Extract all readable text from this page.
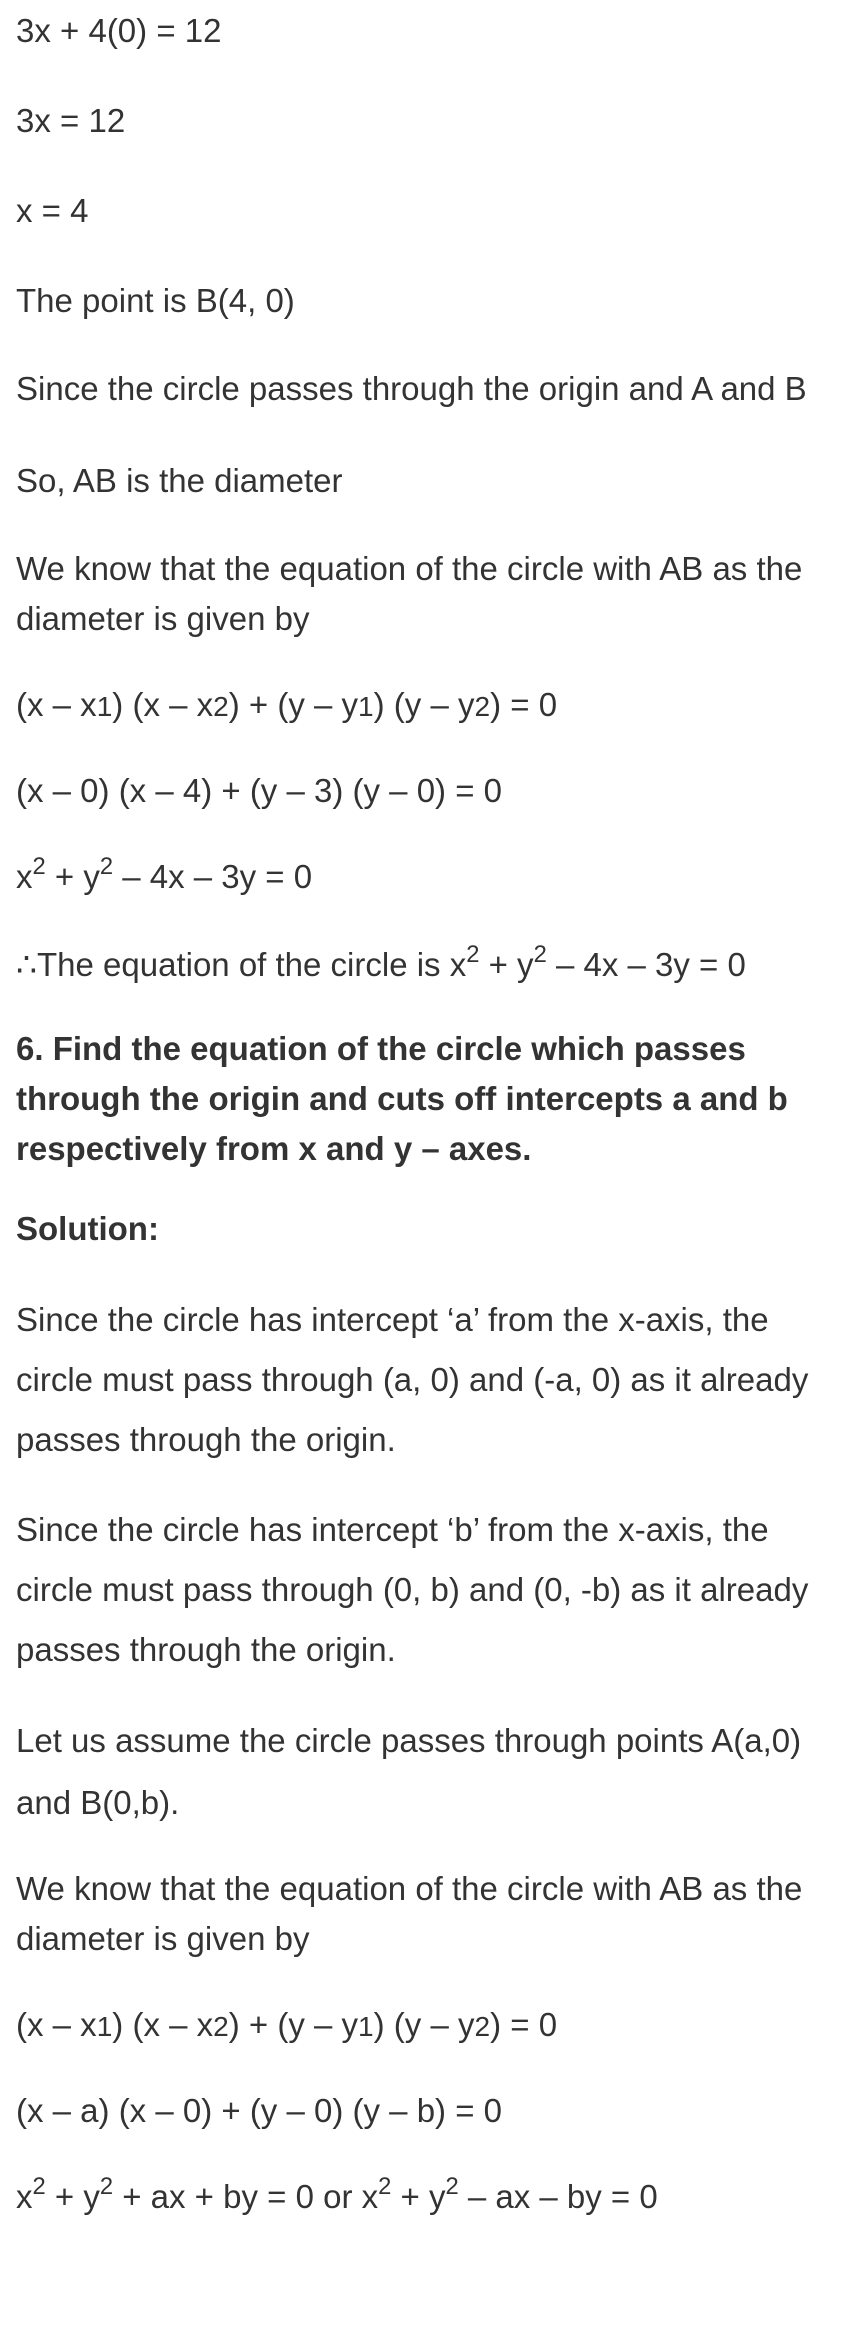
3x + 4(0) = 12

3x = 12

x = 4

The point is B(4, 0)

Since the circle passes through the origin and A and B

So, AB is the diameter

We know that the equation of the circle with AB as the diameter is given by

(x – x1) (x – x2) + (y – y1) (y – y2) = 0

(x – 0) (x – 4) + (y – 3) (y – 0) = 0

$x^2 + y^2 - 4x - 3y = 0$

∴The equation of the circle is $x^2 + y^2 - 4x - 3y = 0$

6. Find the equation of the circle which passes through the origin and cuts off intercepts a and b respectively from x and y – axes.

Solution:

Since the circle has intercept ‘a’ from the x-axis, the circle must pass through (a, 0) and (-a, 0) as it already passes through the origin.

Since the circle has intercept ‘b’ from the x-axis, the circle must pass through (0, b) and (0, -b) as it already passes through the origin.

Let us assume the circle passes through points A(a,0) and B(0,b).

We know that the equation of the circle with AB as the diameter is given by

(x – x1) (x – x2) + (y – y1) (y – y2) = 0

(x – a) (x – 0) + (y – 0) (y – b) = 0

$x^2 + y^2$ + ax + by = 0 or $x^2 + y^2$ – ax – by = 0
